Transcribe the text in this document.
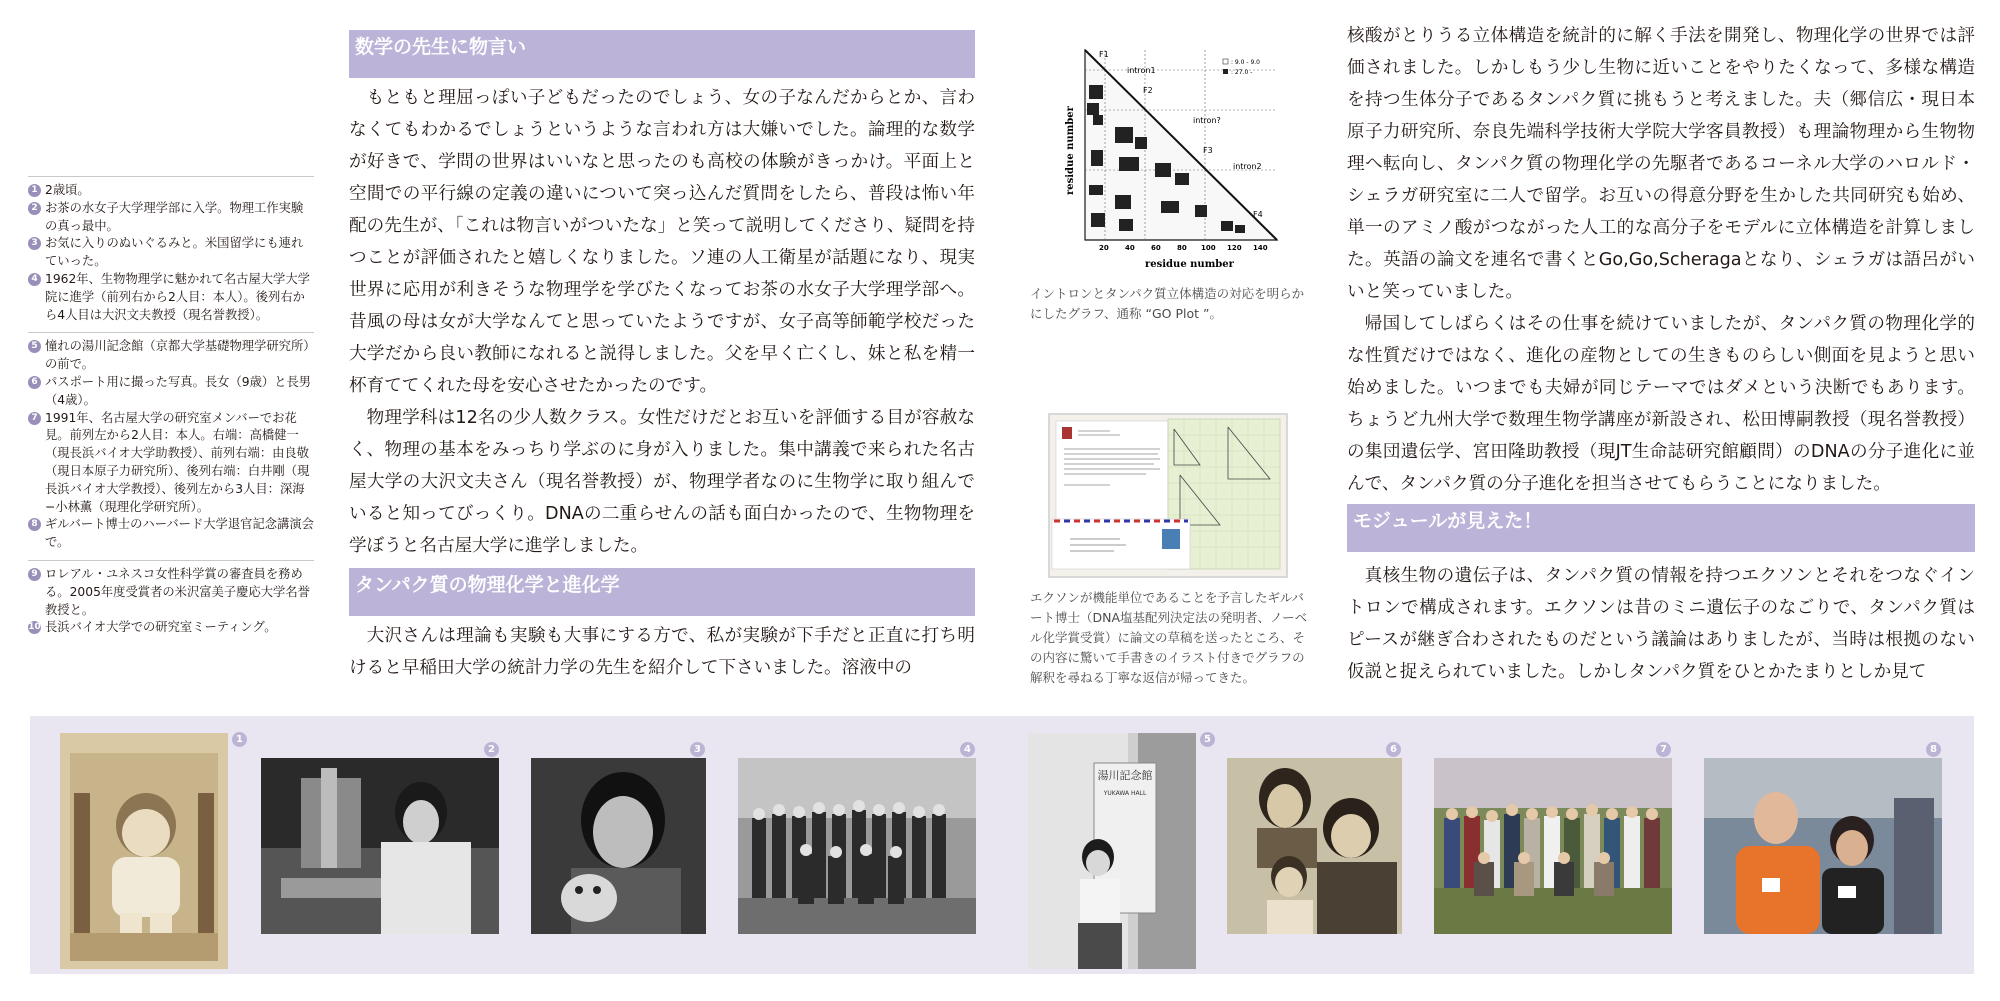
1 2歳頃。
2 お茶の水女子大学理学部に入学。物理工作実験の真っ最中。
3 お気に入りのぬいぐるみと。米国留学にも連れていった。
4 1962年、生物物理学に魅かれて名古屋大学大学院に進学（前列右から2人目：本人）。後列右から4人目は大沢文夫教授（現名誉教授）。
5 憧れの湯川記念館（京都大学基礎物理学研究所）の前で。
6 パスポート用に撮った写真。長女（9歳）と長男（4歳）。
7 1991年、名古屋大学の研究室メンバーでお花見。前列左から2人目：本人。右端：高橋健一（現長浜バイオ大学助教授）、前列右端：由良敬（現日本原子力研究所）、後列右端：白井剛（現長浜バイオ大学教授）、後列左から3人目：深海−小林薫（現理化学研究所）。
8 ギルバート博士のハーバード大学退官記念講演会で。
9 ロレアル・ユネスコ女性科学賞の審査員を務める。2005年度受賞者の米沢富美子慶応大学名誉教授と。
10 長浜バイオ大学での研究室ミーティング。
数学の先生に物言い

もともと理屈っぽい子どもだったのでしょう、女の子なんだからとか、言わなくてもわかるでしょうというような言われ方は大嫌いでした。論理的な数学が好きで、学問の世界はいいなと思ったのも高校の体験がきっかけ。平面上と空間での平行線の定義の違いについて突っ込んだ質問をしたら、普段は怖い年配の先生が、「これは物言いがついたな」と笑って説明してくださり、疑問を持つことが評価されたと嬉しくなりました。ソ連の人工衛星が話題になり、現実世界に応用が利きそうな物理学を学びたくなってお茶の水女子大学理学部へ。昔風の母は女が大学なんてと思っていたようですが、女子高等師範学校だった大学だから良い教師になれると説得しました。父を早く亡くし、妹と私を精一杯育ててくれた母を安心させたかったのです。

物理学科は12名の少人数クラス。女性だけだとお互いを評価する目が容赦なく、物理の基本をみっちり学ぶのに身が入りました。集中講義で来られた名古屋大学の大沢文夫さん（現名誉教授）が、物理学者なのに生物学に取り組んでいると知ってびっくり。DNAの二重らせんの話も面白かったので、生物物理を学ぼうと名古屋大学に進学しました。

タンパク質の物理化学と進化学

大沢さんは理論も実験も大事にする方で、私が実験が下手だと正直に打ち明けると早稲田大学の統計力学の先生を紹介して下さいました。溶液中の

F1
F2
F3
F4
intron1
intron?
intron2
: 9.0 - 9.0
: 27.0 -
residue number
residue number
20 40 60 80 100 120 140
イントロンとタンパク質立体構造の対応を明らかにしたグラフ、通称 “GO Plot ”。
エクソンが機能単位であることを予言したギルバート博士（DNA塩基配列決定法の発明者、ノーベル化学賞受賞）に論文の草稿を送ったところ、その内容に驚いて手書きのイラスト付きでグラフの解釈を尋ねる丁寧な返信が帰ってきた。

核酸がとりうる立体構造を統計的に解く手法を開発し、物理化学の世界では評価されました。しかしもう少し生物に近いことをやりたくなって、多様な構造を持つ生体分子であるタンパク質に挑もうと考えました。夫（郷信広・現日本原子力研究所、奈良先端科学技術大学院大学客員教授）も理論物理から生物物理へ転向し、タンパク質の物理化学の先駆者であるコーネル大学のハロルド・シェラガ研究室に二人で留学。お互いの得意分野を生かした共同研究も始め、単一のアミノ酸がつながった人工的な高分子をモデルに立体構造を計算しました。英語の論文を連名で書くとGo,Go,Scheragaとなり、シェラガは語呂がいいと笑っていました。

帰国してしばらくはその仕事を続けていましたが、タンパク質の物理化学的な性質だけではなく、進化の産物としての生きものらしい側面を見ようと思い始めました。いつまでも夫婦が同じテーマではダメという決断でもあります。ちょうど九州大学で数理生物学講座が新設され、松田博嗣教授（現名誉教授）の集団遺伝学、宮田隆助教授（現JT生命誌研究館顧問）のDNAの分子進化に並んで、タンパク質の分子進化を担当させてもらうことになりました。

モジュールが見えた！

真核生物の遺伝子は、タンパク質の情報を持つエクソンとそれをつなぐイントロンで構成されます。エクソンは昔のミニ遺伝子のなごりで、タンパク質はピースが継ぎ合わされたものだという議論はありましたが、当時は根拠のない仮説と捉えられていました。しかしタンパク質をひとかたまりとしか見て

1
2	3	4
湯川記念館
YUKAWA HALL
5
6	7	8
